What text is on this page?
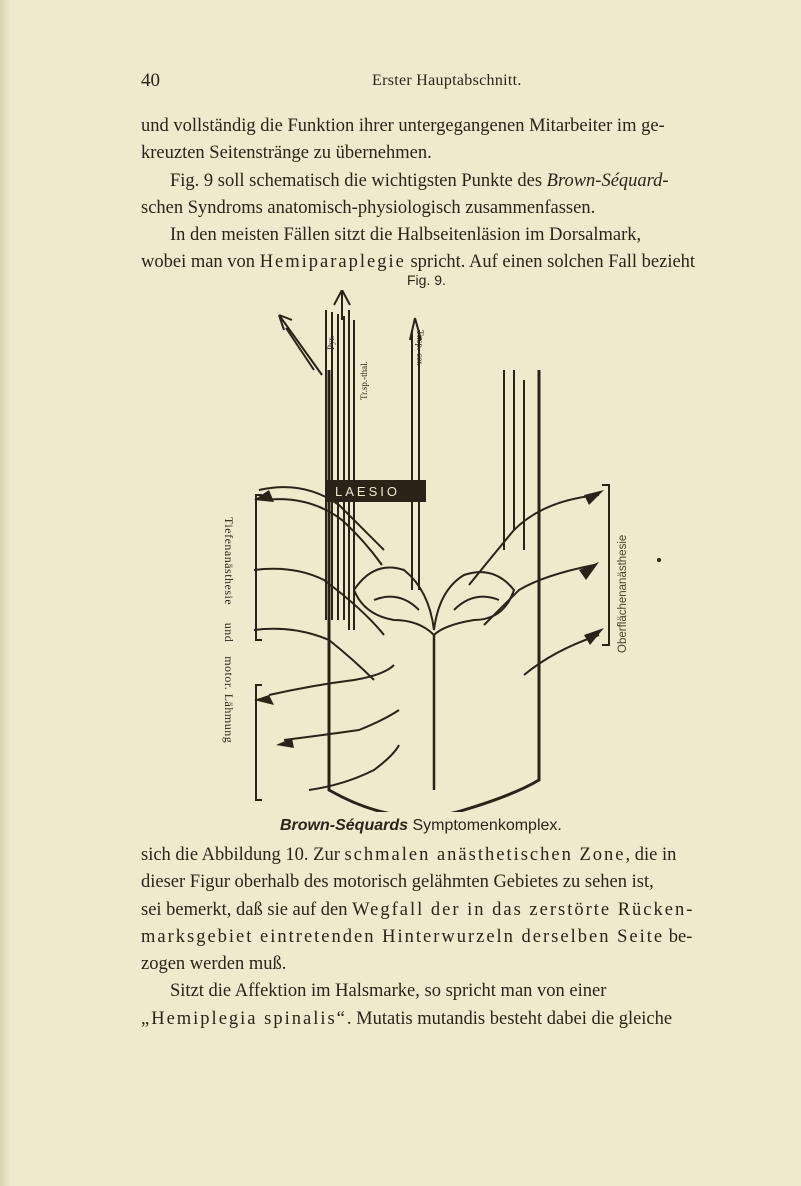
40	Erster Hauptabschnitt.

und vollständig die Funktion ihrer untergegangenen Mitarbeiter im ge-

kreuzten Seitenstränge zu übernehmen.

Fig. 9 soll schematisch die wichtigsten Punkte des Brown-Séquard-

schen Syndroms anatomisch-physiologisch zusammenfassen.

In den meisten Fällen sitzt die Halbseitenläsion im Dorsalmark,

wobei man von Hemiparaplegie spricht. Auf einen solchen Fall bezieht

Fig. 9.
Tiefenanästhesie     und    motor. Lähmung
Oberflächenanästhesie
LAESIO
Pyr.
Tr.sp.-thal.
Tr.sp.-cer.
Brown-Séquards Symptomenkomplex.

sich die Abbildung 10. Zur schmalen anästhetischen Zone, die in

dieser Figur oberhalb des motorisch gelähmten Gebietes zu sehen ist,

sei bemerkt, daß sie auf den Wegfall der in das zerstörte Rücken-

marksgebiet eintretenden Hinterwurzeln derselben Seite be-

zogen werden muß.

Sitzt die Affektion im Halsmarke, so spricht man von einer

„Hemiplegia spinalis“. Mutatis mutandis besteht dabei die gleiche
